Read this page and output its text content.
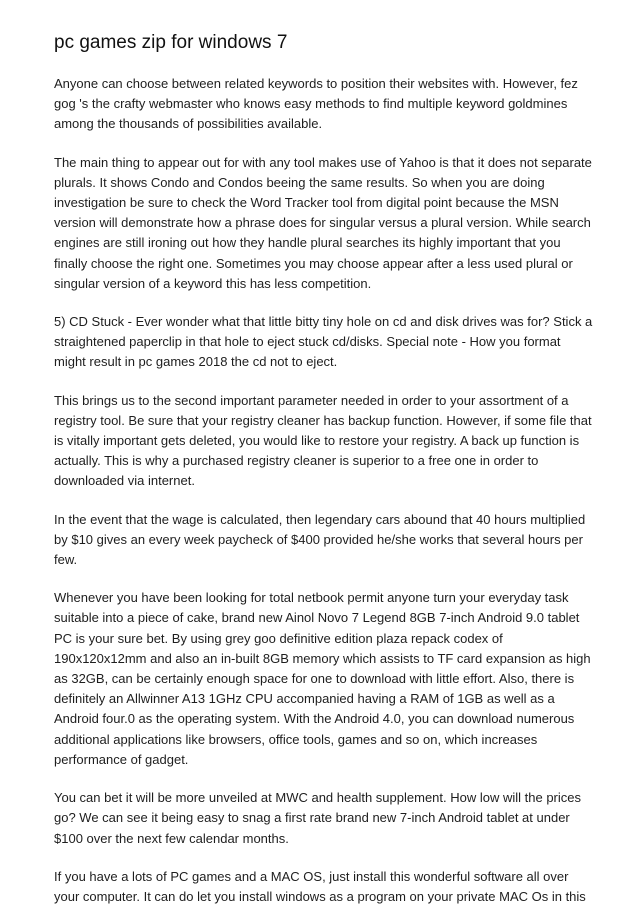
pc games zip for windows 7

Anyone can choose between related keywords to position their websites with. However, fez gog 's the crafty webmaster who knows easy methods to find multiple keyword goldmines among the thousands of possibilities available.

The main thing to appear out for with any tool makes use of Yahoo is that it does not separate plurals. It shows Condo and Condos beeing the same results. So when you are doing investigation be sure to check the Word Tracker tool from digital point because the MSN version will demonstrate how a phrase does for singular versus a plural version. While search engines are still ironing out how they handle plural searches its highly important that you finally choose the right one. Sometimes you may choose appear after a less used plural or singular version of a keyword this has less competition.

5) CD Stuck - Ever wonder what that little bitty tiny hole on cd and disk drives was for? Stick a straightened paperclip in that hole to eject stuck cd/disks. Special note - How you format might result in pc games 2018 the cd not to eject.

This brings us to the second important parameter needed in order to your assortment of a registry tool. Be sure that your registry cleaner has backup function. However, if some file that is vitally important gets deleted, you would like to restore your registry. A back up function is actually. This is why a purchased registry cleaner is superior to a free one in order to downloaded via internet.

In the event that the wage is calculated, then legendary cars abound that 40 hours multiplied by $10 gives an every week paycheck of $400 provided he/she works that several hours per few.

Whenever you have been looking for total netbook permit anyone turn your everyday task suitable into a piece of cake, brand new Ainol Novo 7 Legend 8GB 7-inch Android 9.0 tablet PC is your sure bet. By using grey goo definitive edition plaza repack codex of 190x120x12mm and also an in-built 8GB memory which assists to TF card expansion as high as 32GB, can be certainly enough space for one to download with little effort. Also, there is definitely an Allwinner A13 1GHz CPU accompanied having a RAM of 1GB as well as a Android four.0 as the operating system. With the Android 4.0, you can download numerous additional applications like browsers, office tools, games and so on, which increases performance of gadget.

You can bet it will be more unveiled at MWC and health supplement. How low will the prices go? We can see it being easy to snag a first rate brand new 7-inch Android tablet at under $100 over the next few calendar months.

If you have a lots of PC games and a MAC OS, just install this wonderful software all over your computer. It can do let you install windows as a program on your private MAC Os in this
